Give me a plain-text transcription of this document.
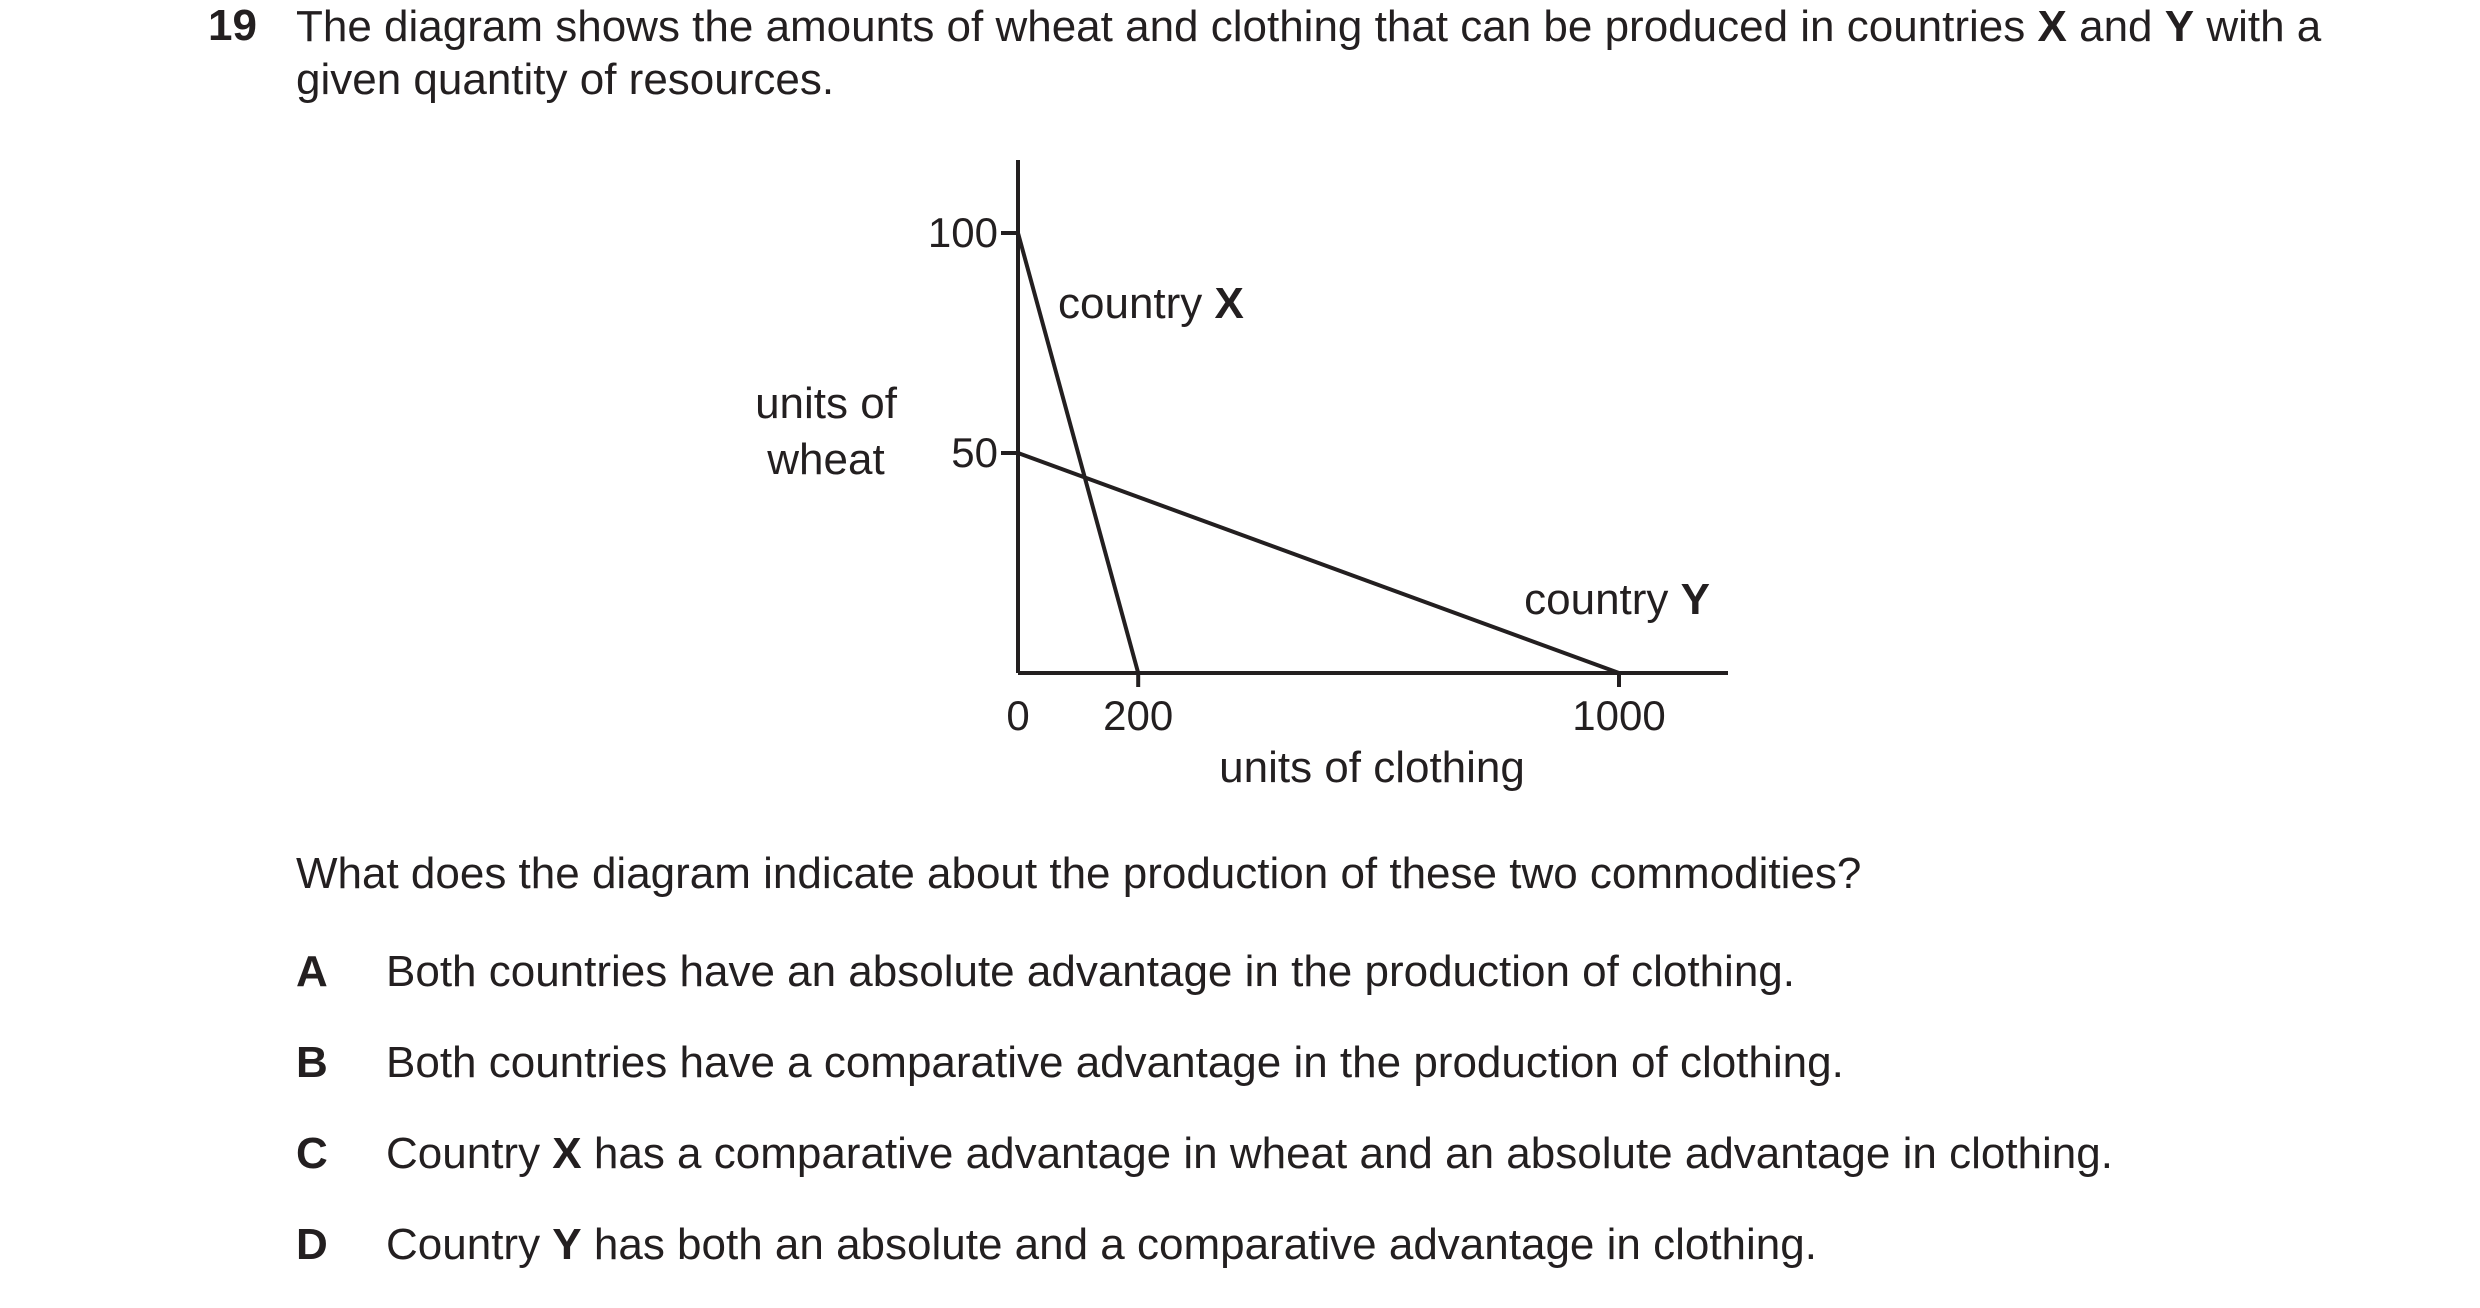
19 The diagram shows the amounts of wheat and clothing that can be produced in countries X and Y with a given quantity of resources.
100
50
0 200	1000
country X
country Y
units of
wheat
units of clothing
What does the diagram indicate about the production of these two commodities?
A Both countries have an absolute advantage in the production of clothing.
B Both countries have a comparative advantage in the production of clothing.
C Country X has a comparative advantage in wheat and an absolute advantage in clothing.
D Country Y has both an absolute and a comparative advantage in clothing.
